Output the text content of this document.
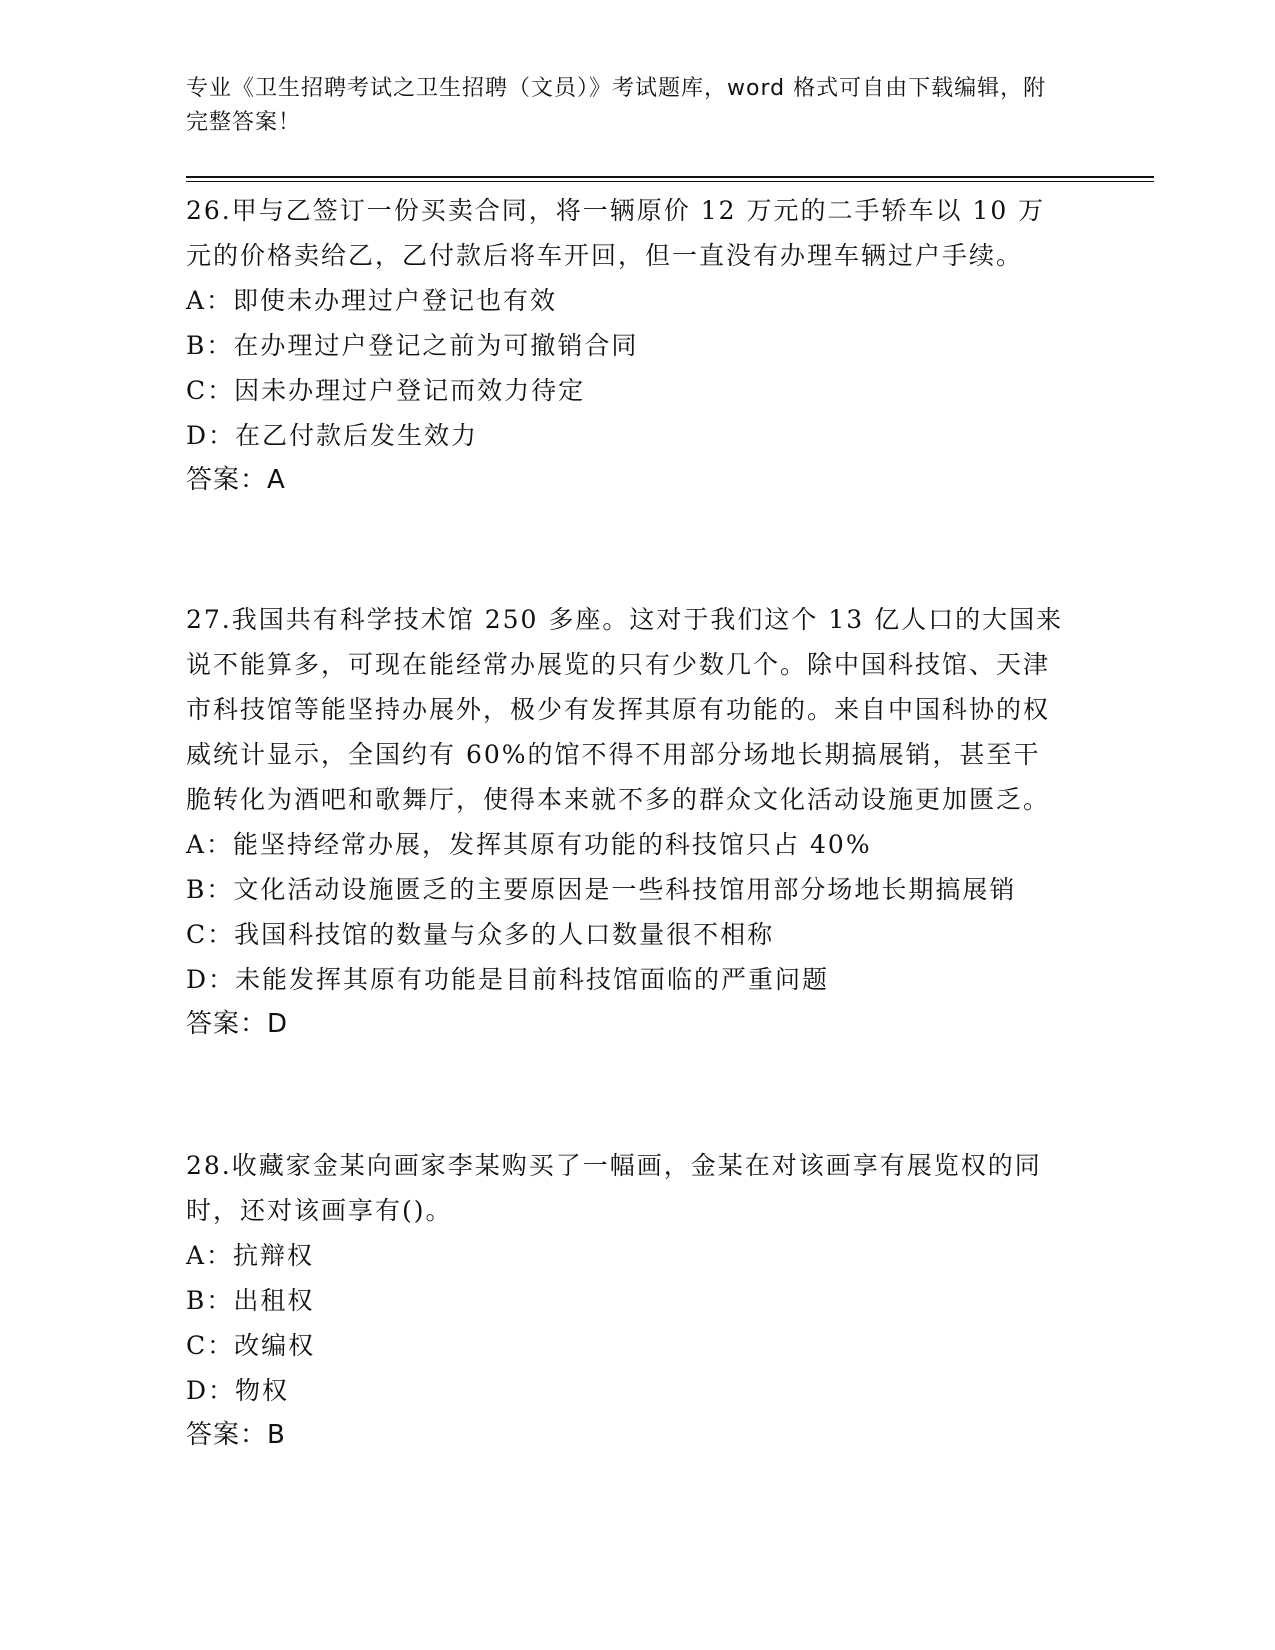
专业《卫生招聘考试之卫生招聘（文员）》考试题库，word 格式可自由下载编辑，附完整答案！
26.甲与乙签订一份买卖合同，将一辆原价 12 万元的二手轿车以 10 万元的价格卖给乙，乙付款后将车开回，但一直没有办理车辆过户手续。
A：即使未办理过户登记也有效
B：在办理过户登记之前为可撤销合同
C：因未办理过户登记而效力待定
D：在乙付款后发生效力
答案：A
27.我国共有科学技术馆 250 多座。这对于我们这个 13 亿人口的大国来说不能算多，可现在能经常办展览的只有少数几个。除中国科技馆、天津市科技馆等能坚持办展外，极少有发挥其原有功能的。来自中国科协的权威统计显示，全国约有 60%的馆不得不用部分场地长期搞展销，甚至干脆转化为酒吧和歌舞厅，使得本来就不多的群众文化活动设施更加匮乏。
A：能坚持经常办展，发挥其原有功能的科技馆只占 40%
B：文化活动设施匮乏的主要原因是一些科技馆用部分场地长期搞展销
C：我国科技馆的数量与众多的人口数量很不相称
D：未能发挥其原有功能是目前科技馆面临的严重问题
答案：D
28.收藏家金某向画家李某购买了一幅画，金某在对该画享有展览权的同时，还对该画享有()。
A：抗辩权
B：出租权
C：改编权
D：物权
答案：B
